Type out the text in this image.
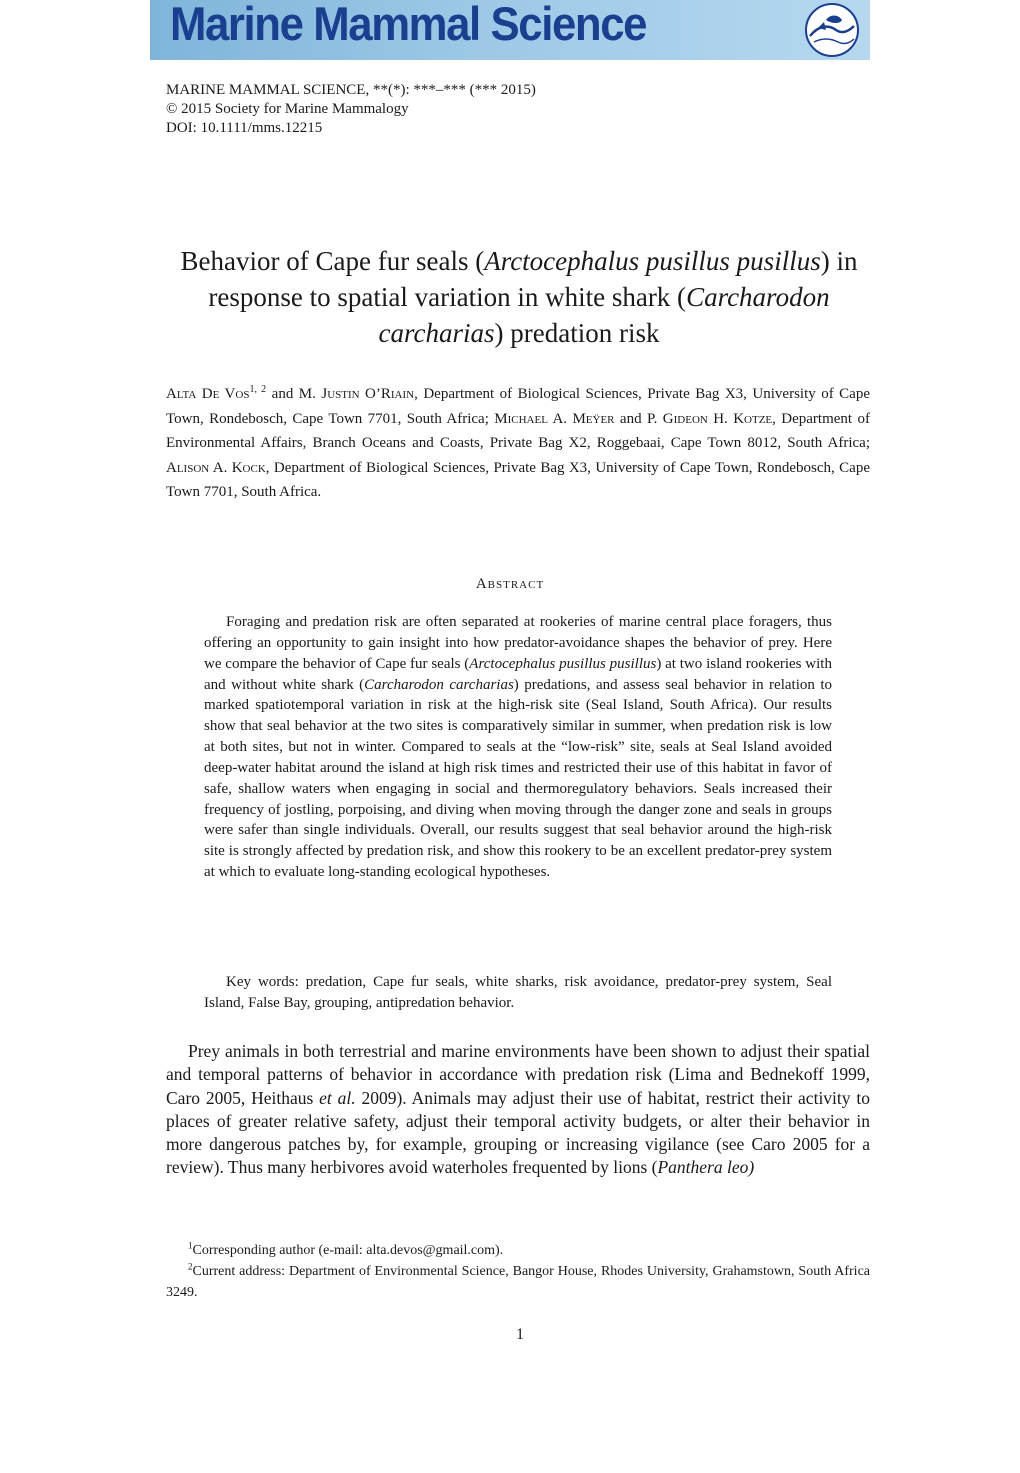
Marine Mammal Science
MARINE MAMMAL SCIENCE, **(*): ***–*** (*** 2015)
© 2015 Society for Marine Mammalogy
DOI: 10.1111/mms.12215
Behavior of Cape fur seals (Arctocephalus pusillus pusillus) in response to spatial variation in white shark (Carcharodon carcharias) predation risk
Alta De Vos$^{1, 2}$ and M. Justin O’Riain, Department of Biological Sciences, Private Bag X3, University of Cape Town, Rondebosch, Cape Town 7701, South Africa; Michael A. Meÿer and P. Gideon H. Kotze, Department of Environmental Affairs, Branch Oceans and Coasts, Private Bag X2, Roggebaai, Cape Town 8012, South Africa; Alison A. Kock, Department of Biological Sciences, Private Bag X3, University of Cape Town, Rondebosch, Cape Town 7701, South Africa.
Abstract

Foraging and predation risk are often separated at rookeries of marine central place foragers, thus offering an opportunity to gain insight into how predator-avoidance shapes the behavior of prey. Here we compare the behavior of Cape fur seals (Arctocephalus pusillus pusillus) at two island rookeries with and without white shark (Carcharodon carcharias) predations, and assess seal behavior in relation to marked spatiotemporal variation in risk at the high-risk site (Seal Island, South Africa). Our results show that seal behavior at the two sites is comparatively similar in summer, when predation risk is low at both sites, but not in winter. Compared to seals at the “low-risk” site, seals at Seal Island avoided deep-water habitat around the island at high risk times and restricted their use of this habitat in favor of safe, shallow waters when engaging in social and thermoregulatory behaviors. Seals increased their frequency of jostling, porpoising, and diving when moving through the danger zone and seals in groups were safer than single individuals. Overall, our results suggest that seal behavior around the high-risk site is strongly affected by predation risk, and show this rookery to be an excellent predator-prey system at which to evaluate long-standing ecological hypotheses.

Key words: predation, Cape fur seals, white sharks, risk avoidance, predator-prey system, Seal Island, False Bay, grouping, antipredation behavior.

Prey animals in both terrestrial and marine environments have been shown to adjust their spatial and temporal patterns of behavior in accordance with predation risk (Lima and Bednekoff 1999, Caro 2005, Heithaus et al. 2009). Animals may adjust their use of habitat, restrict their activity to places of greater relative safety, adjust their temporal activity budgets, or alter their behavior in more dangerous patches by, for example, grouping or increasing vigilance (see Caro 2005 for a review). Thus many herbivores avoid waterholes frequented by lions (Panthera leo)

$^1$Corresponding author (e-mail: alta.devos@gmail.com).

$^2$Current address: Department of Environmental Science, Bangor House, Rhodes University, Grahamstown, South Africa 3249.

1
